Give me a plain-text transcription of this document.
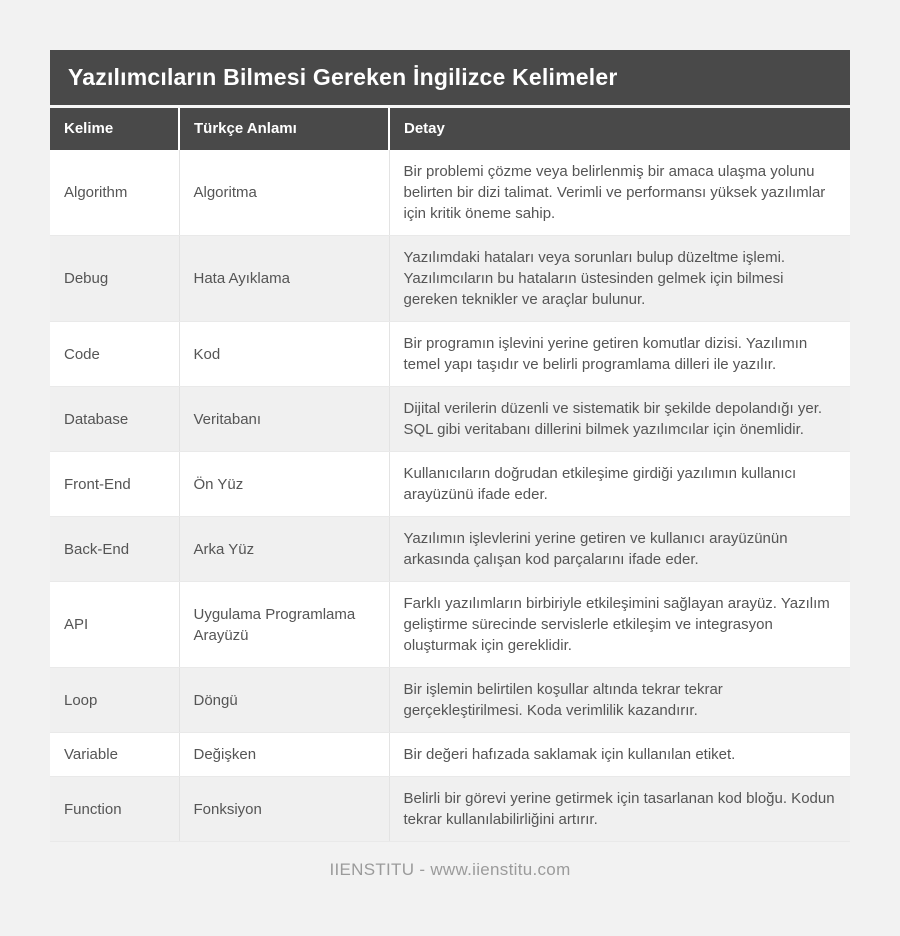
Yazılımcıların Bilmesi Gereken İngilizce Kelimeler
Kelime	Türkçe Anlamı	Detay
Algorithm	Algoritma	Bir problemi çözme veya belirlenmiş bir amaca ulaşma yolunu belirten bir dizi talimat. Verimli ve performansı yüksek yazılımlar için kritik öneme sahip.
Debug	Hata Ayıklama	Yazılımdaki hataları veya sorunları bulup düzeltme işlemi. Yazılımcıların bu hataların üstesinden gelmek için bilmesi gereken teknikler ve araçlar bulunur.
Code	Kod	Bir programın işlevini yerine getiren komutlar dizisi. Yazılımın temel yapı taşıdır ve belirli programlama dilleri ile yazılır.
Database	Veritabanı	Dijital verilerin düzenli ve sistematik bir şekilde depolandığı yer. SQL gibi veritabanı dillerini bilmek yazılımcılar için önemlidir.
Front-End	Ön Yüz	Kullanıcıların doğrudan etkileşime girdiği yazılımın kullanıcı arayüzünü ifade eder.
Back-End	Arka Yüz	Yazılımın işlevlerini yerine getiren ve kullanıcı arayüzünün arkasında çalışan kod parçalarını ifade eder.
API	Uygulama Programlama Arayüzü	Farklı yazılımların birbiriyle etkileşimini sağlayan arayüz. Yazılım geliştirme sürecinde servislerle etkileşim ve integrasyon oluşturmak için gereklidir.
Loop	Döngü	Bir işlemin belirtilen koşullar altında tekrar tekrar gerçekleştirilmesi. Koda verimlilik kazandırır.
Variable	Değişken	Bir değeri hafızada saklamak için kullanılan etiket.
Function	Fonksiyon	Belirli bir görevi yerine getirmek için tasarlanan kod bloğu. Kodun tekrar kullanılabilirliğini artırır.
IIENSTITU - www.iienstitu.com
